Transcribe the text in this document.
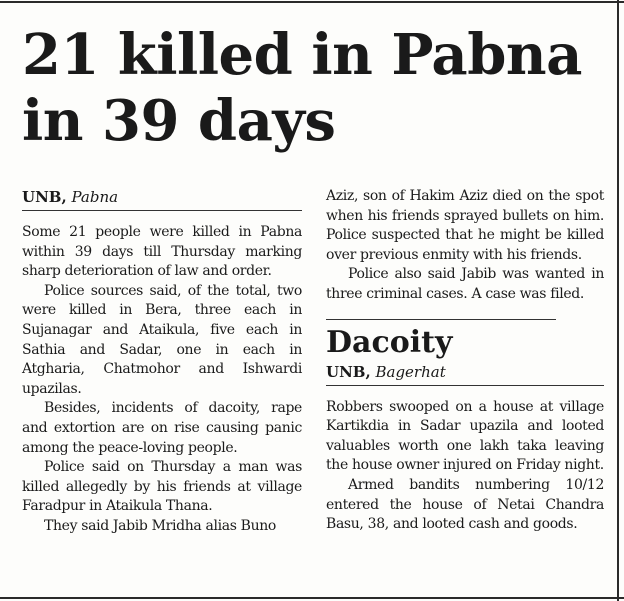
21 killed in Pabna
in 39 days

UNB, Pabna

Some 21 people were killed in Pabna within 39 days till Thursday marking sharp deterioration of law and order.

Police sources said, of the total, two were killed in Bera, three each in Sujanagar and Ataikula, five each in Sathia and Sadar, one in each in Atgharia, Chatmohor and Ishwardi upazilas.

Besides, incidents of dacoity, rape and extortion are on rise causing panic among the peace-loving people.

Police said on Thursday a man was killed allegedly by his friends at village Faradpur in Ataikula Thana.

They said Jabib Mridha alias Buno

Aziz, son of Hakim Aziz died on the spot when his friends sprayed bullets on him. Police suspected that he might be killed over previous enmity with his friends.

Police also said Jabib was wanted in three criminal cases. A case was filed.

Dacoity

UNB, Bagerhat

Robbers swooped on a house at village Kartikdia in Sadar upazila and looted valuables worth one lakh taka leaving the house owner injured on Friday night.

Armed bandits numbering 10/12 entered the house of Netai Chandra Basu, 38, and looted cash and goods.
